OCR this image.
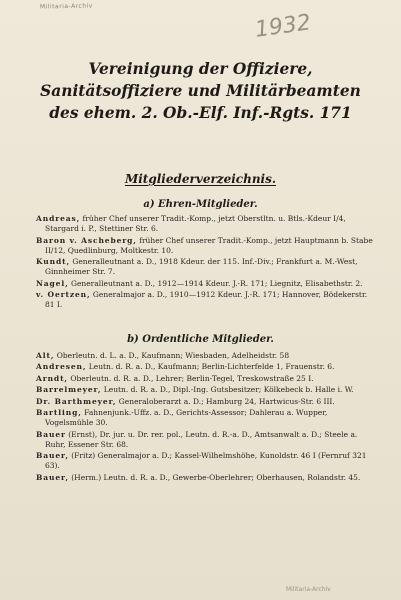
Militaria-Archiv
1932
Vereinigung der Offiziere,
Sanitätsoffiziere und Militärbeamten
des ehem. 2. Ob.-Elf. Inf.-Rgts. 171
Mitgliederverzeichnis.
a) Ehren-Mitglieder.

Andreas, früher Chef unserer Tradit.-Komp., jetzt Oberstltn. u. Btls.-Kdeur I/4, Stargard i. P., Stettiner Str. 6.

Baron v. Ascheberg, früher Chef unserer Tradit.-Komp., jetzt Hauptmann b. Stabe II/12, Quedlinburg, Moltkestr. 10.

Kundt, Generalleutnant a. D., 1918 Kdeur. der 115. Inf.-Div.; Frankfurt a. M.-West, Ginnheimer Str. 7.

Nagel, Generalleutnant a. D., 1912—1914 Kdeur. J.-R. 171; Liegnitz, Elisabethstr. 2.

v. Oertzen, Generalmajor a. D., 1910—1912 Kdeur. J.-R. 171; Hannover, Bödekerstr. 81 I.

b) Ordentliche Mitglieder.

Alt, Oberleutn. d. L. a. D., Kaufmann; Wiesbaden, Adelheidstr. 58

Andresen, Leutn. d. R. a. D., Kaufmann; Berlin-Lichterfelde 1, Frauenstr. 6.

Arndt, Oberleutn. d. R. a. D., Lehrer; Berlin-Tegel, Treskowstraße 25 I.

Barrelmeyer, Leutn. d. R. a. D., Dipl.-Ing. Gutsbesitzer; Kölkebeck b. Halle i. W.

Dr. Barthmeyer, Generaloberarzt a. D.; Hamburg 24, Hartwicus-Str. 6 III.

Bartling, Fahnenjunk.-Uffz. a. D., Gerichts-Assessor; Dahlerau a. Wupper, Vogelsmühle 30.

Bauer (Ernst), Dr. jur. u. Dr. rer. pol., Leutn. d. R.-a. D., Amtsanwalt a. D.; Steele a. Ruhr, Essener Str. 68.

Bauer, (Fritz) Generalmajor a. D.; Kassel-Wilhelmshöhe, Kunoldstr. 46 I (Fernruf 321 63).

Bauer, (Herm.) Leutn. d. R. a. D., Gewerbe-Oberlehrer; Oberhausen, Rolandstr. 45.

Militaria-Archiv
